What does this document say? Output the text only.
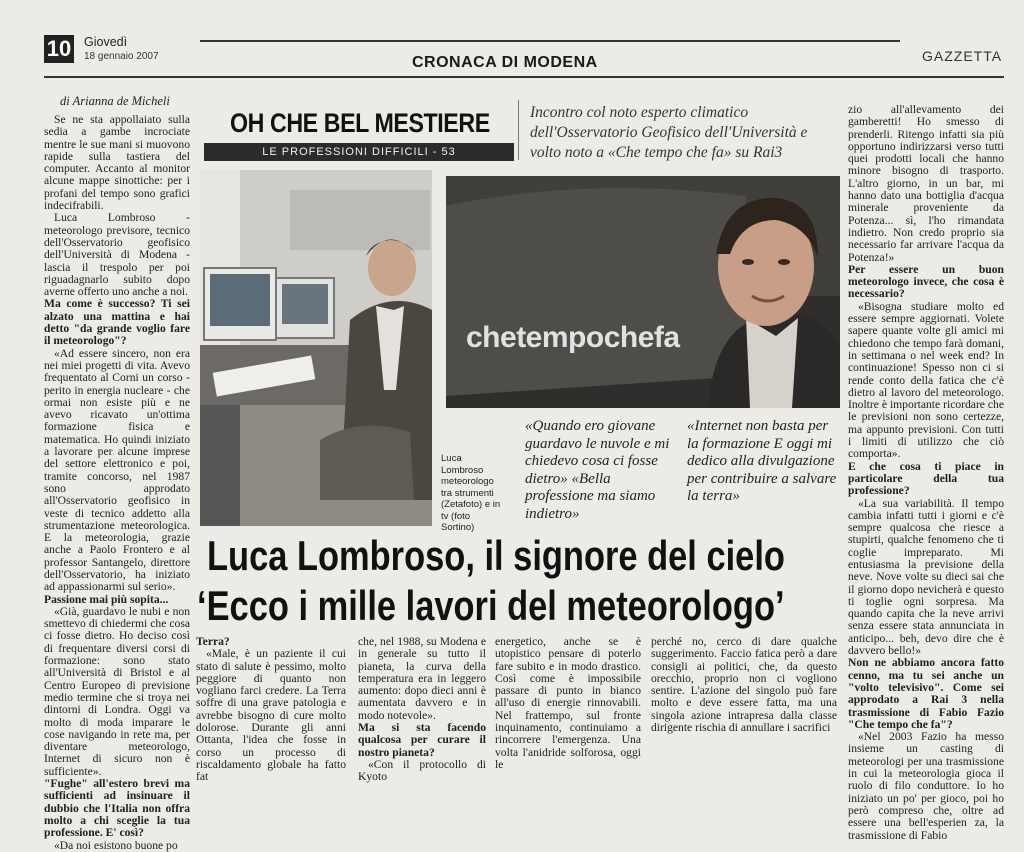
10 Giovedì
18 gennaio 2007	CRONACA DI MODENA	GAZZETTA
di Arianna de Micheli
OH CHE BEL MESTIERE
LE PROFESSIONI DIFFICILI - 53
Incontro col noto esperto climatico dell'Osservatorio Geofisico dell'Università e volto noto a «Che tempo che fa» su Rai3

Se ne sta appollaiato sulla sedia a gambe incrociate mentre le sue mani si muovono rapide sulla tastiera del computer. Accanto al monitor alcune mappe sinottiche: per i profani del tempo sono grafici indecifrabili.

Luca Lombroso - meteorologo previsore, tecnico dell'Osservatorio geofisico dell'Università di Modena - lascia il trespolo per poi riguadagnarlo subito dopo averne offerto uno anche a noi.

Ma come è successo? Ti sei alzato una mattina e hai detto "da grande voglio fare il meteorologo"?

«Ad essere sincero, non era nei miei progetti di vita. Avevo frequentato al Corni un corso - perito in energia nucleare - che ormai non esiste più e ne avevo ricavato un'ottima formazione fisica e matematica. Ho quindi iniziato a lavorare per alcune imprese del settore elettronico e poi, tramite concorso, nel 1987 sono approdato all'Osservatorio geofisico in veste di tecnico addetto alla strumentazione meteorologica. E la meteorologia, grazie anche a Paolo Frontero e al professor Santangelo, direttore dell'Osservatorio, ha iniziato ad appassionarmi sul serio».

Passione mai più sopita...

«Già, guardavo le nubi e non smettevo di chiedermi che cosa ci fosse dietro. Ho deciso così di frequentare diversi corsi di formazione: sono stato all'Università di Bristol e al Centro Europeo di previsione medio termine che si troya nei dintorni di Londra. Oggi va molto di moda imparare le cose navigando in rete ma, per diventare meteorologo, Internet di sicuro non è sufficiente».

"Fughe" all'estero brevi ma sufficienti ad insinuare il dubbio che l'Italia non offra molto a chi sceglie la tua professione. E' così?

«Da noi esistono buone po

Luca Lombroso meteorologo tra strumenti (Zetafoto) e in tv (foto Sortino)
chetempochefa
«Quando ero giovane guardavo le nuvole e mi chiedevo cosa ci fosse dietro» «Bella professione ma siamo indietro»
«Internet non basta per la formazione E oggi mi dedico alla divulgazione per contribuire a salvare la terra»
Luca Lombroso, il signore del cielo
‘Ecco i mille lavori del meteorologo’

Terra?

«Male, è un paziente il cui stato di salute è pessimo, molto peggiore di quanto non vogliano farci credere. La Terra soffre di una grave patologia e avrebbe bisogno di cure molto dolorose. Durante gli anni Ottanta, l'idea che fosse in corso un processo di riscaldamento globale ha fatto fat

che, nel 1988, su Modena e in generale su tutto il pianeta, la curva della temperatura era in leggero aumento: dopo dieci anni è aumentata davvero e in modo notevole».

Ma si sta facendo qualcosa per curare il nostro pianeta?

«Con il protocollo di Kyoto

energetico, anche se è utopistico pensare di poterlo fare subito e in modo drastico. Così come è impossibile passare di punto in bianco all'uso di energie rinnovabili. Nel frattempo, sul fronte inquinamento, continuiamo a rincorrere l'emergenza. Una volta l'anidride solforosa, oggi le

perché no, cerco di dare qualche suggerimento. Faccio fatica però a dare consigli ai politici, che, da questo orecchio, proprio non ci vogliono sentire. L'azione del singolo può fare molto e deve essere fatta, ma una singola azione intrapresa dalla classe dirigente rischia di annullare i sacrifici

zio all'allevamento dei gamberetti! Ho smesso di prenderli. Ritengo infatti sia più opportuno indirizzarsi verso tutti quei prodotti locali che hanno minore bisogno di trasporto. L'altro giorno, in un bar, mi hanno dato una bottiglia d'acqua minerale proveniente da Potenza... sì, l'ho rimandata indietro. Non credo proprio sia necessario far arrivare l'acqua da Potenza!»

Per essere un buon meteorologo invece, che cosa è necessario?

«Bisogna studiare molto ed essere sempre aggiornati. Volete sapere quante volte gli amici mi chiedono che tempo farà domani, in settimana o nel week end? In continuazione! Spesso non ci si rende conto della fatica che c'è dietro al lavoro del meteorologo. Inoltre è importante ricordare che le previsioni non sono certezze, ma appunto previsioni. Con tutti i limiti di utilizzo che ciò comporta».

E che cosa ti piace in particolare della tua professione?

«La sua variabilità. Il tempo cambia infatti tutti i giorni e c'è sempre qualcosa che riesce a stupirti, qualche fenomeno che ti coglie impreparato. Mi entusiasma la previsione della neve. Nove volte su dieci sai che il giorno dopo nevicherà e questo ti toglie ogni sorpresa. Ma quando capita che la neve arrivi senza essere stata annunciata in anticipo... beh, devo dire che è davvero bello!»

Non ne abbiamo ancora fatto cenno, ma tu sei anche un "volto televisivo". Come sei approdato a Rai 3 nella trasmissione di Fabio Fazio "Che tempo che fa"?

«Nel 2003 Fazio ha messo insieme un casting di meteorologi per una trasmissione in cui la meteorologia gioca il ruolo di filo conduttore. Io ho iniziato un po' per gioco, poi ho però compreso che, oltre ad essere una bell'esperien za, la trasmissione di Fabio
